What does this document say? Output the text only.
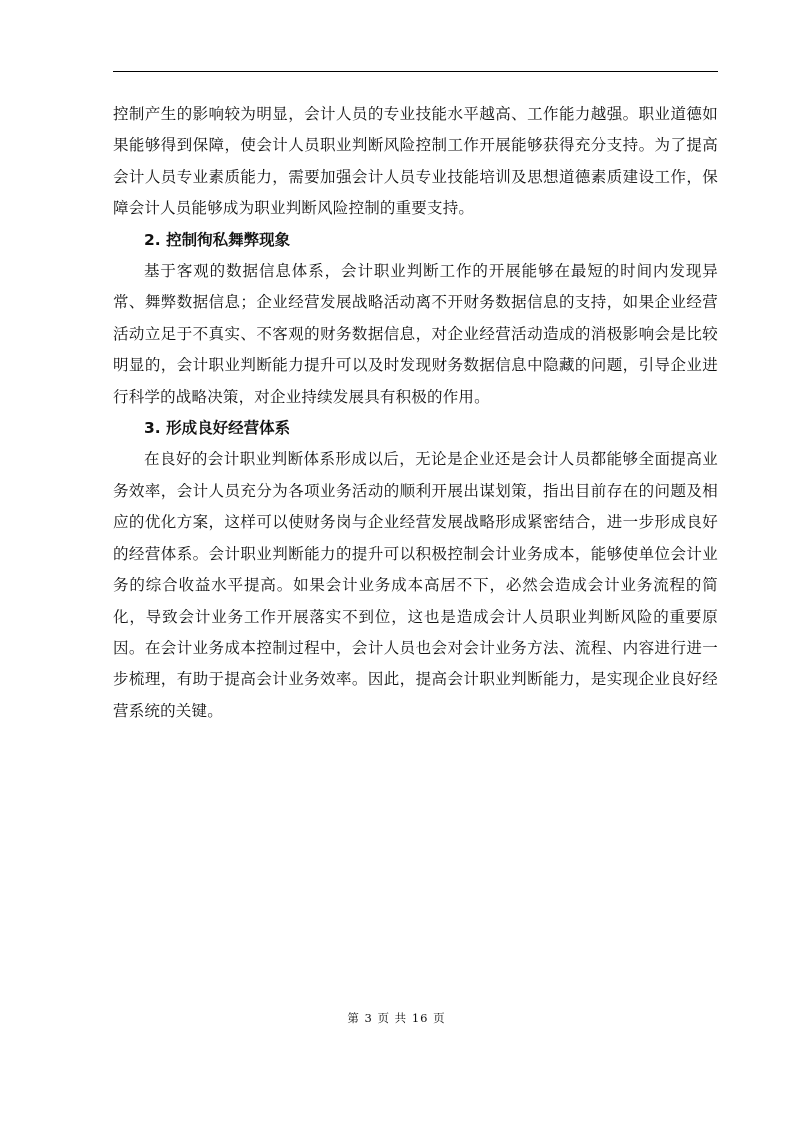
控制产生的影响较为明显，会计人员的专业技能水平越高、工作能力越强。职业道德如果能够得到保障，使会计人员职业判断风险控制工作开展能够获得充分支持。为了提高会计人员专业素质能力，需要加强会计人员专业技能培训及思想道德素质建设工作，保障会计人员能够成为职业判断风险控制的重要支持。

2. 控制徇私舞弊现象

基于客观的数据信息体系，会计职业判断工作的开展能够在最短的时间内发现异常、舞弊数据信息；企业经营发展战略活动离不开财务数据信息的支持，如果企业经营活动立足于不真实、不客观的财务数据信息，对企业经营活动造成的消极影响会是比较明显的，会计职业判断能力提升可以及时发现财务数据信息中隐藏的问题，引导企业进行科学的战略决策，对企业持续发展具有积极的作用。

3. 形成良好经营体系

在良好的会计职业判断体系形成以后，无论是企业还是会计人员都能够全面提高业务效率，会计人员充分为各项业务活动的顺利开展出谋划策，指出目前存在的问题及相应的优化方案，这样可以使财务岗与企业经营发展战略形成紧密结合，进一步形成良好的经营体系。会计职业判断能力的提升可以积极控制会计业务成本，能够使单位会计业务的综合收益水平提高。如果会计业务成本高居不下，必然会造成会计业务流程的简化，导致会计业务工作开展落实不到位，这也是造成会计人员职业判断风险的重要原因。在会计业务成本控制过程中，会计人员也会对会计业务方法、流程、内容进行进一步梳理，有助于提高会计业务效率。因此，提高会计职业判断能力，是实现企业良好经营系统的关键。

第 3 页 共 16 页
